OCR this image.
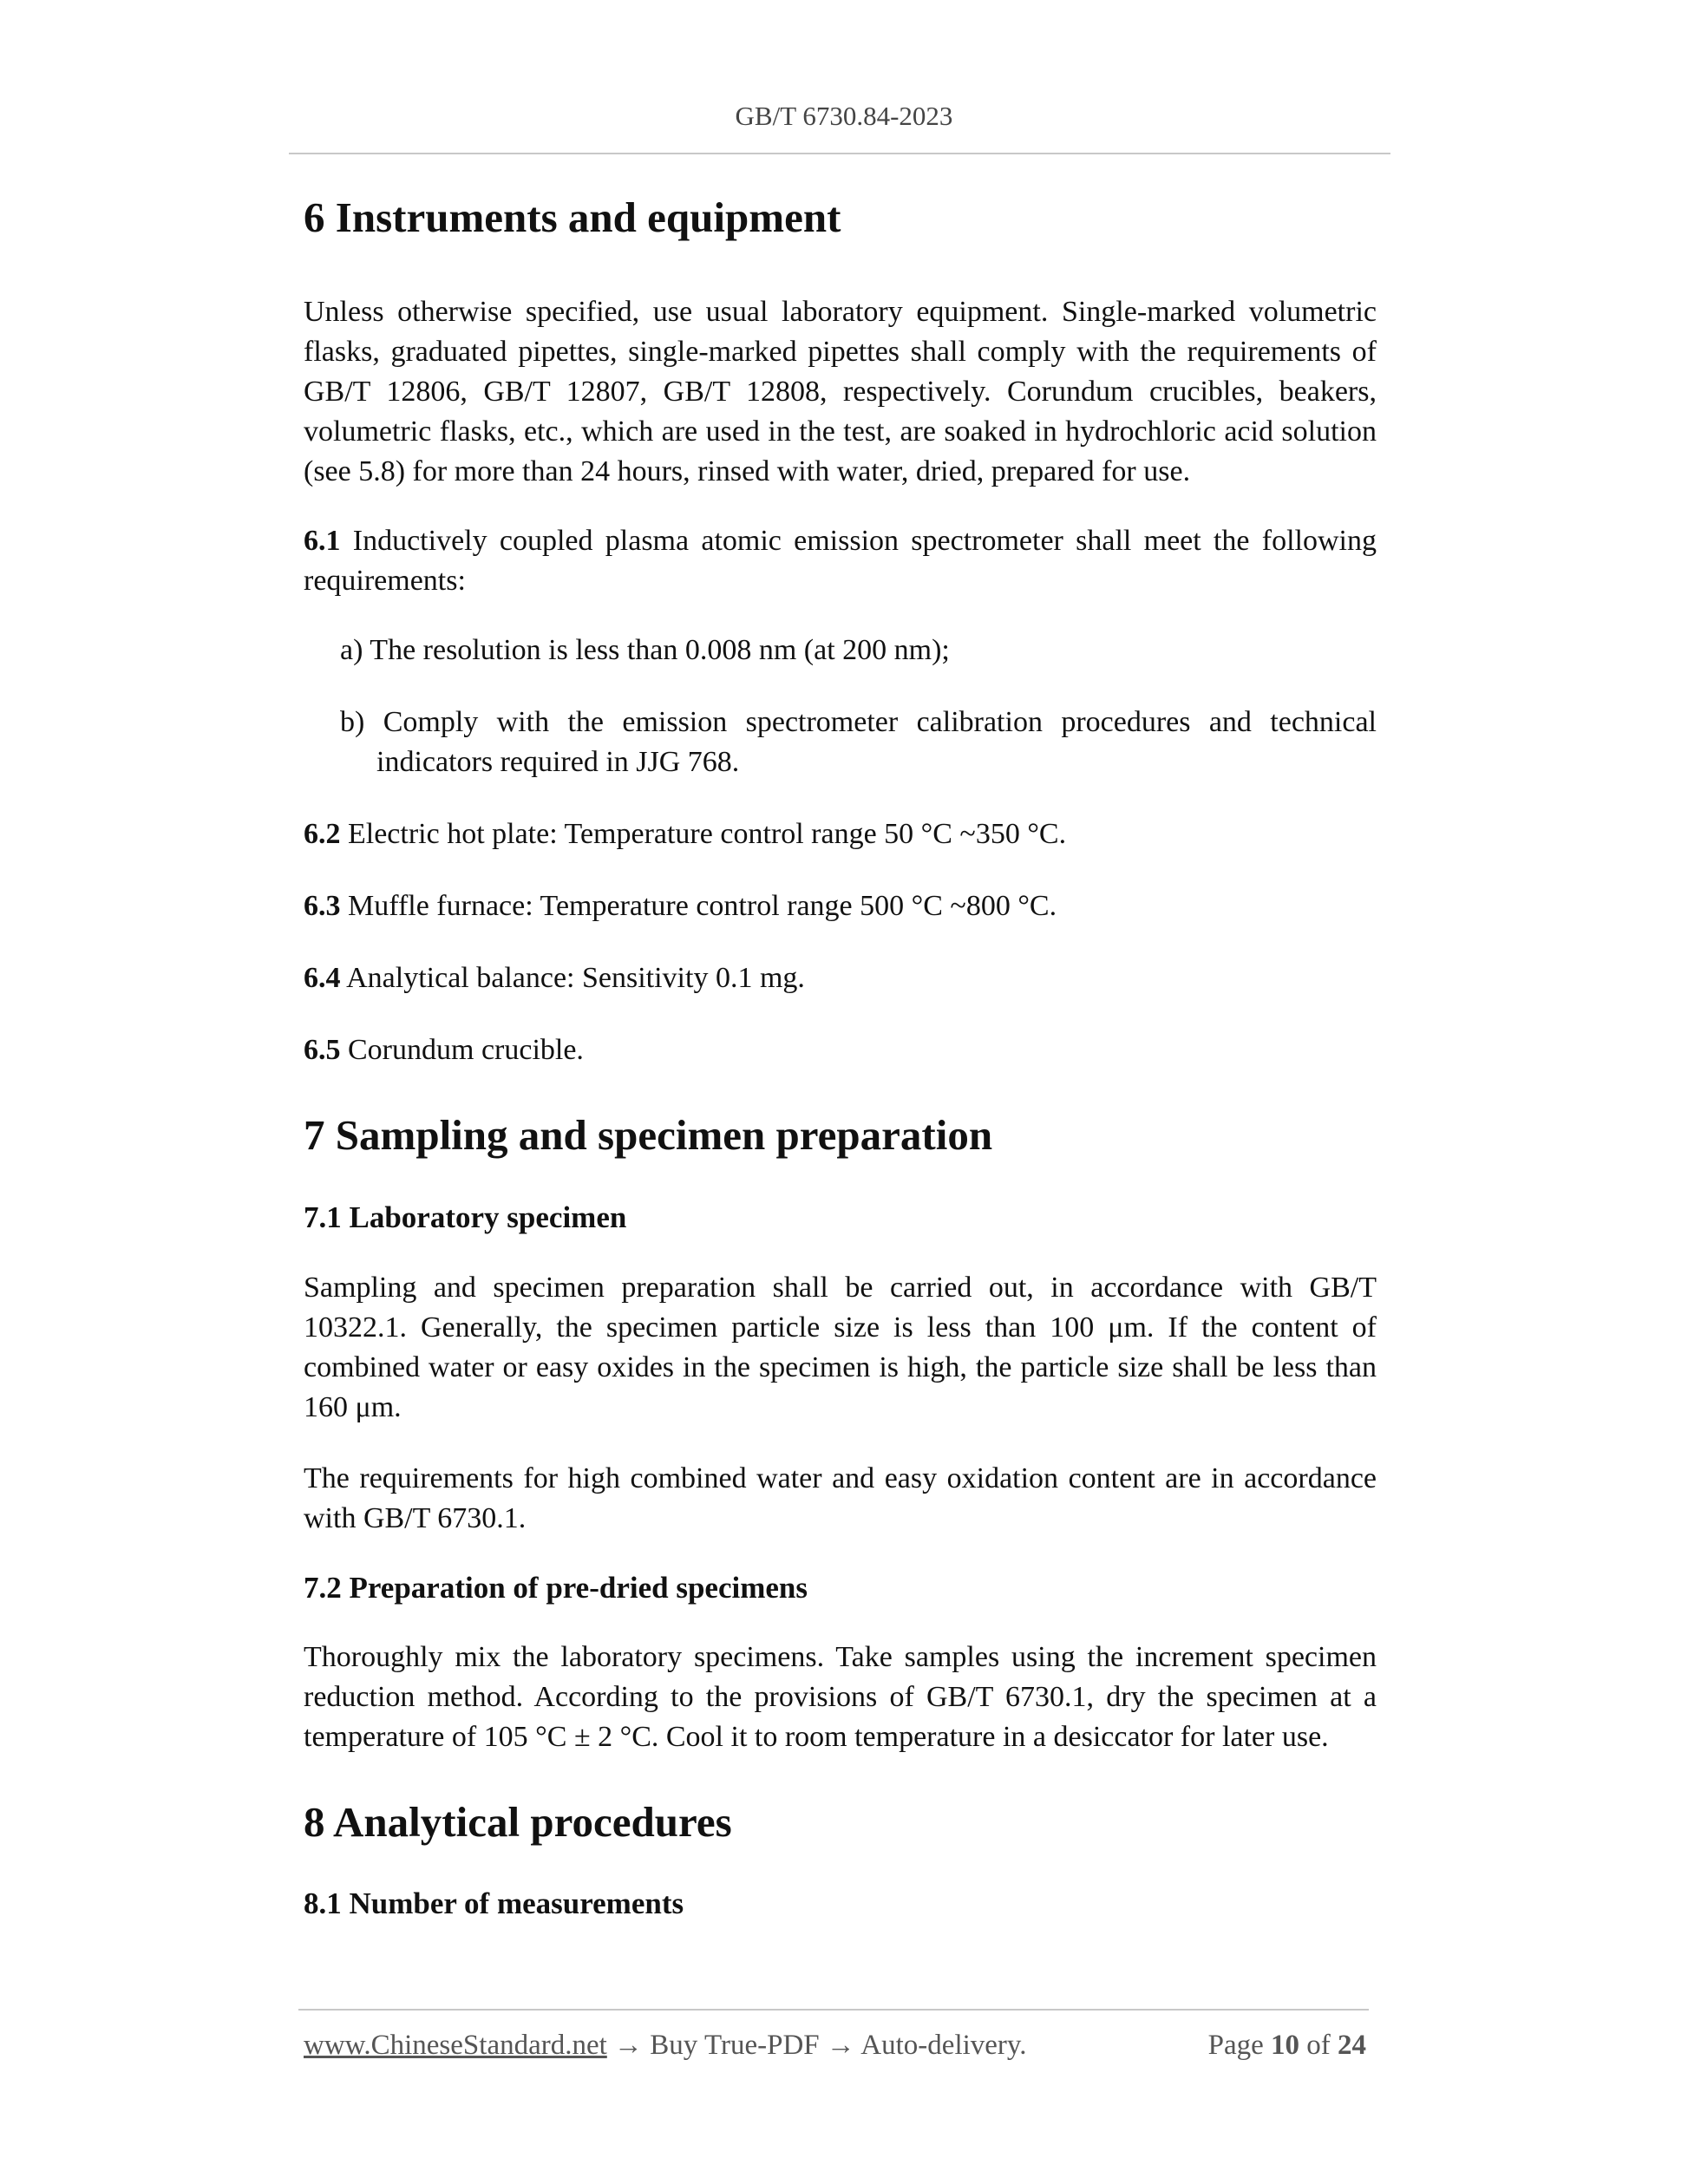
GB/T 6730.84-2023
6 Instruments and equipment

Unless otherwise specified, use usual laboratory equipment. Single-marked volumetric flasks, graduated pipettes, single-marked pipettes shall comply with the requirements of GB/T 12806, GB/T 12807, GB/T 12808, respectively. Corundum crucibles, beakers, volumetric flasks, etc., which are used in the test, are soaked in hydrochloric acid solution (see 5.8) for more than 24 hours, rinsed with water, dried, prepared for use.

6.1 Inductively coupled plasma atomic emission spectrometer shall meet the following requirements:

a) The resolution is less than 0.008 nm (at 200 nm);

b) Comply with the emission spectrometer calibration procedures and technical indicators required in JJG 768.

6.2 Electric hot plate: Temperature control range 50 °C ~350 °C.

6.3 Muffle furnace: Temperature control range 500 °C ~800 °C.

6.4 Analytical balance: Sensitivity 0.1 mg.

6.5 Corundum crucible.

7 Sampling and specimen preparation
7.1 Laboratory specimen

Sampling and specimen preparation shall be carried out, in accordance with GB/T 10322.1. Generally, the specimen particle size is less than 100 μm. If the content of combined water or easy oxides in the specimen is high, the particle size shall be less than 160 μm.

The requirements for high combined water and easy oxidation content are in accordance with GB/T 6730.1.

7.2 Preparation of pre-dried specimens

Thoroughly mix the laboratory specimens. Take samples using the increment specimen reduction method. According to the provisions of GB/T 6730.1, dry the specimen at a temperature of 105 °C ± 2 °C. Cool it to room temperature in a desiccator for later use.

8 Analytical procedures
8.1 Number of measurements
www.ChineseStandard.net → Buy True-PDF → Auto-delivery.	Page 10 of 24
